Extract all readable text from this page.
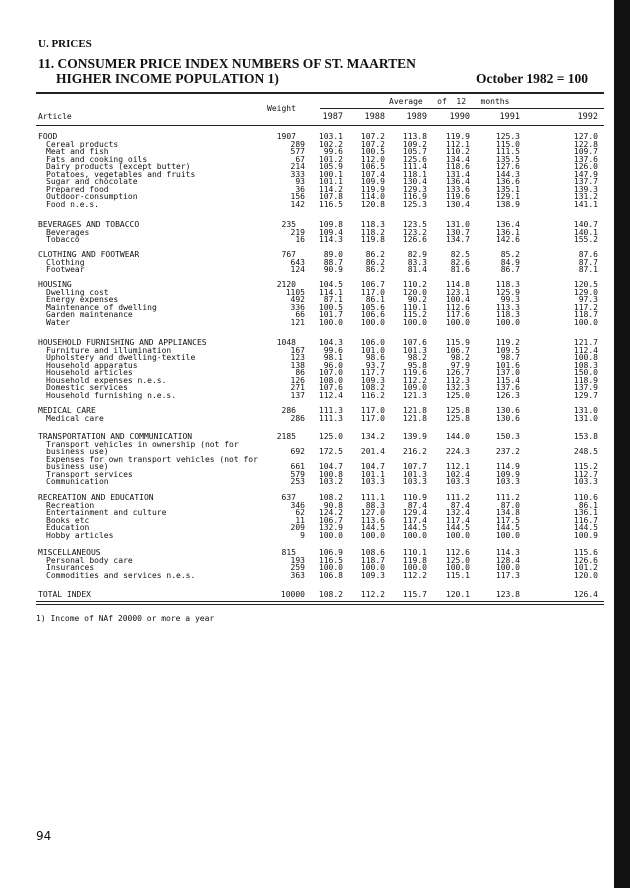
U. PRICES
11. CONSUMER PRICE INDEX NUMBERS OF ST. MAARTEN
HIGHER INCOME POPULATION 1)	October 1982 = 100
Article
Weight
Average   of  12   months
1987	1988	1989	1990	1991	1992
FOOD	1907	103.1	107.2	113.8	119.9	125.3	127.0
Cereal products	289	102.2	107.2	109.2	112.1	115.0	122.8
Meat and fish	577	99.6	100.5	105.7	110.2	111.5	109.7
Fats and cooking oils	67	101.2	112.0	125.6	134.4	135.5	137.6
Dairy products (except butter)	214	105.9	106.5	111.4	118.6	127.6	126.0
Potatoes, vegetables and fruits	333	100.1	107.4	118.1	131.4	144.3	147.9
Sugar and chocolate	93	101.1	109.9	130.4	136.4	136.6	137.7
Prepared food	36	114.2	119.9	129.3	133.6	135.1	139.3
Outdoor-consumption	156	107.8	114.0	116.9	119.6	129.1	131.2
Food n.e.s.	142	116.5	120.8	125.3	130.4	138.9	141.1
BEVERAGES AND TOBACCO	235	109.8	118.3	123.5	131.0	136.4	140.7
Beverages	219	109.4	118.2	123.2	130.7	136.1	140.1
Tobacco	16	114.3	119.8	126.6	134.7	142.6	155.2
CLOTHING AND FOOTWEAR	767	89.0	86.2	82.9	82.5	85.2	87.6
Clothing	643	88.7	86.2	83.3	82.6	84.9	87.7
Footwear	124	90.9	86.2	81.4	81.6	86.7	87.1
HOUSING	2120	104.5	106.7	110.2	114.8	118.3	120.5
Dwelling cost	1105	114.1	117.0	120.0	123.1	125.9	129.0
Energy expenses	492	87.1	86.1	90.2	100.4	99.3	97.3
Maintenance of dwelling	336	100.5	105.6	110.1	112.6	113.3	117.2
Garden maintenance	66	101.7	106.6	115.2	117.6	118.3	118.7
Water	121	100.0	100.0	100.0	100.0	100.0	100.0
HOUSEHOLD FURNISHING AND APPLIANCES	1048	104.3	106.0	107.6	115.9	119.2	121.7
Furniture and illumination	167	99.6	101.0	101.3	106.7	109.5	112.4
Upholstery and dwelling-textile	123	98.1	98.6	98.2	98.2	98.7	100.8
Household apparatus	138	96.0	93.7	95.8	97.9	101.6	108.3
Household articles	86	107.0	117.7	119.6	126.7	137.0	150.0
Household expenses n.e.s.	126	108.0	109.3	112.2	112.3	115.4	118.9
Domestic services	271	107.6	108.2	109.0	132.3	137.6	137.9
Household furnishing n.e.s.	137	112.4	116.2	121.3	125.0	126.3	129.7
MEDICAL CARE	286	111.3	117.0	121.8	125.8	130.6	131.0
Medical care	286	111.3	117.0	121.8	125.8	130.6	131.0
TRANSPORTATION AND COMMUNICATION	2185	125.0	134.2	139.9	144.0	150.3	153.8
Transport vehicles in ownership (not for
business use)	692	172.5	201.4	216.2	224.3	237.2	248.5
Expenses for own transport vehicles (not for
business use)	661	104.7	104.7	107.7	112.1	114.9	115.2
Transport services	579	100.8	101.1	101.3	102.4	109.9	112.7
Communication	253	103.2	103.3	103.3	103.3	103.3	103.3
RECREATION AND EDUCATION	637	108.2	111.1	110.9	111.2	111.2	110.6
Recreation	346	90.8	88.3	87.4	87.4	87.0	86.1
Entertainment and culture	62	124.2	127.0	129.4	132.4	134.8	136.1
Books etc	11	106.7	113.6	117.4	117.4	117.5	116.7
Education	209	132.9	144.5	144.5	144.5	144.5	144.5
Hobby articles	9	100.0	100.0	100.0	100.0	100.0	100.9
MISCELLANEOUS	815	106.9	108.6	110.1	112.6	114.3	115.6
Personal body care	193	116.5	118.7	119.8	125.0	128.4	126.6
Insurances	259	100.0	100.0	100.0	100.0	100.0	101.2
Commodities and services n.e.s.	363	106.8	109.3	112.2	115.1	117.3	120.0
TOTAL INDEX	10000	108.2	112.2	115.7	120.1	123.8	126.4
1) Income of NAf 20000 or more a year
94
